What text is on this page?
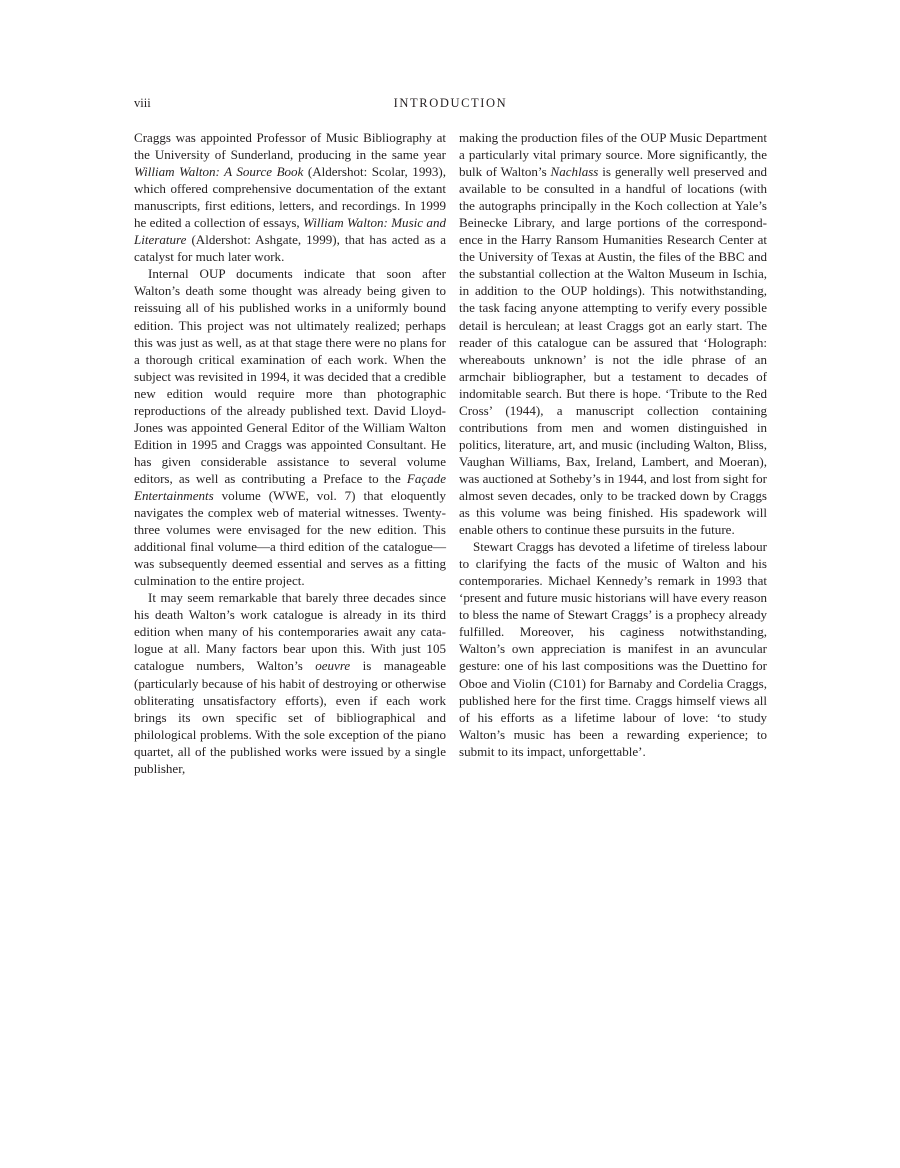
viii	INTRODUCTION

Craggs was appointed Professor of Music Bibliography at the University of Sunderland, producing in the same year William Walton: A Source Book (Aldershot: Scolar, 1993), which offered comprehensive documentation of the extant manuscripts, first editions, letters, and recordings. In 1999 he edited a collection of essays, William Walton: Music and Literature (Aldershot: Ashgate, 1999), that has acted as a catalyst for much later work.

Internal OUP documents indicate that soon after Walton’s death some thought was already being given to reissuing all of his published works in a uniformly bound edition. This project was not ultimately realized; perhaps this was just as well, as at that stage there were no plans for a thorough critical examination of each work. When the subject was revisited in 1994, it was decided that a credible new edition would require more than photographic reproductions of the already published text. David Lloyd-Jones was appointed General Editor of the William Walton Edition in 1995 and Craggs was appointed Consultant. He has given considerable assistance to several volume editors, as well as contributing a Preface to the Façade Entertainments volume (WWE, vol. 7) that eloquently navigates the complex web of material witnesses. Twenty-three volumes were envisaged for the new edition. This additional final volume—a third edition of the catalogue—was subsequently deemed essential and serves as a fitting culmination to the entire project.

It may seem remarkable that barely three decades since his death Walton’s work catalogue is already in its third edition when many of his contemporaries await any catalogue at all. Many factors bear upon this. With just 105 catalogue numbers, Walton’s oeuvre is manageable (particularly because of his habit of destroying or otherwise obliterating unsatisfactory efforts), even if each work brings its own specific set of bibliographical and philological problems. With the sole exception of the piano quartet, all of the published works were issued by a single publisher,

making the production files of the OUP Music Department a particularly vital primary source. More significantly, the bulk of Walton’s Nachlass is generally well preserved and available to be consulted in a handful of locations (with the autographs principally in the Koch collection at Yale’s Beinecke Library, and large portions of the correspondence in the Harry Ransom Humanities Research Center at the University of Texas at Austin, the files of the BBC and the substantial collection at the Walton Museum in Ischia, in addition to the OUP holdings). This notwithstanding, the task facing anyone attempting to verify every possible detail is herculean; at least Craggs got an early start. The reader of this catalogue can be assured that ‘Holograph: whereabouts unknown’ is not the idle phrase of an armchair bibliographer, but a testament to decades of indomitable search. But there is hope. ‘Tribute to the Red Cross’ (1944), a manuscript collection containing contributions from men and women distinguished in politics, literature, art, and music (including Walton, Bliss, Vaughan Williams, Bax, Ireland, Lambert, and Moeran), was auctioned at Sotheby’s in 1944, and lost from sight for almost seven decades, only to be tracked down by Craggs as this volume was being finished. His spadework will enable others to continue these pursuits in the future.

Stewart Craggs has devoted a lifetime of tireless labour to clarifying the facts of the music of Walton and his contemporaries. Michael Kennedy’s remark in 1993 that ‘present and future music historians will have every reason to bless the name of Stewart Craggs’ is a prophecy already fulfilled. Moreover, his caginess notwithstanding, Walton’s own appreciation is manifest in an avuncular gesture: one of his last compositions was the Duettino for Oboe and Violin (C101) for Barnaby and Cordelia Craggs, published here for the first time. Craggs himself views all of his efforts as a lifetime labour of love: ‘to study Walton’s music has been a rewarding experience; to submit to its impact, unforgettable’.
